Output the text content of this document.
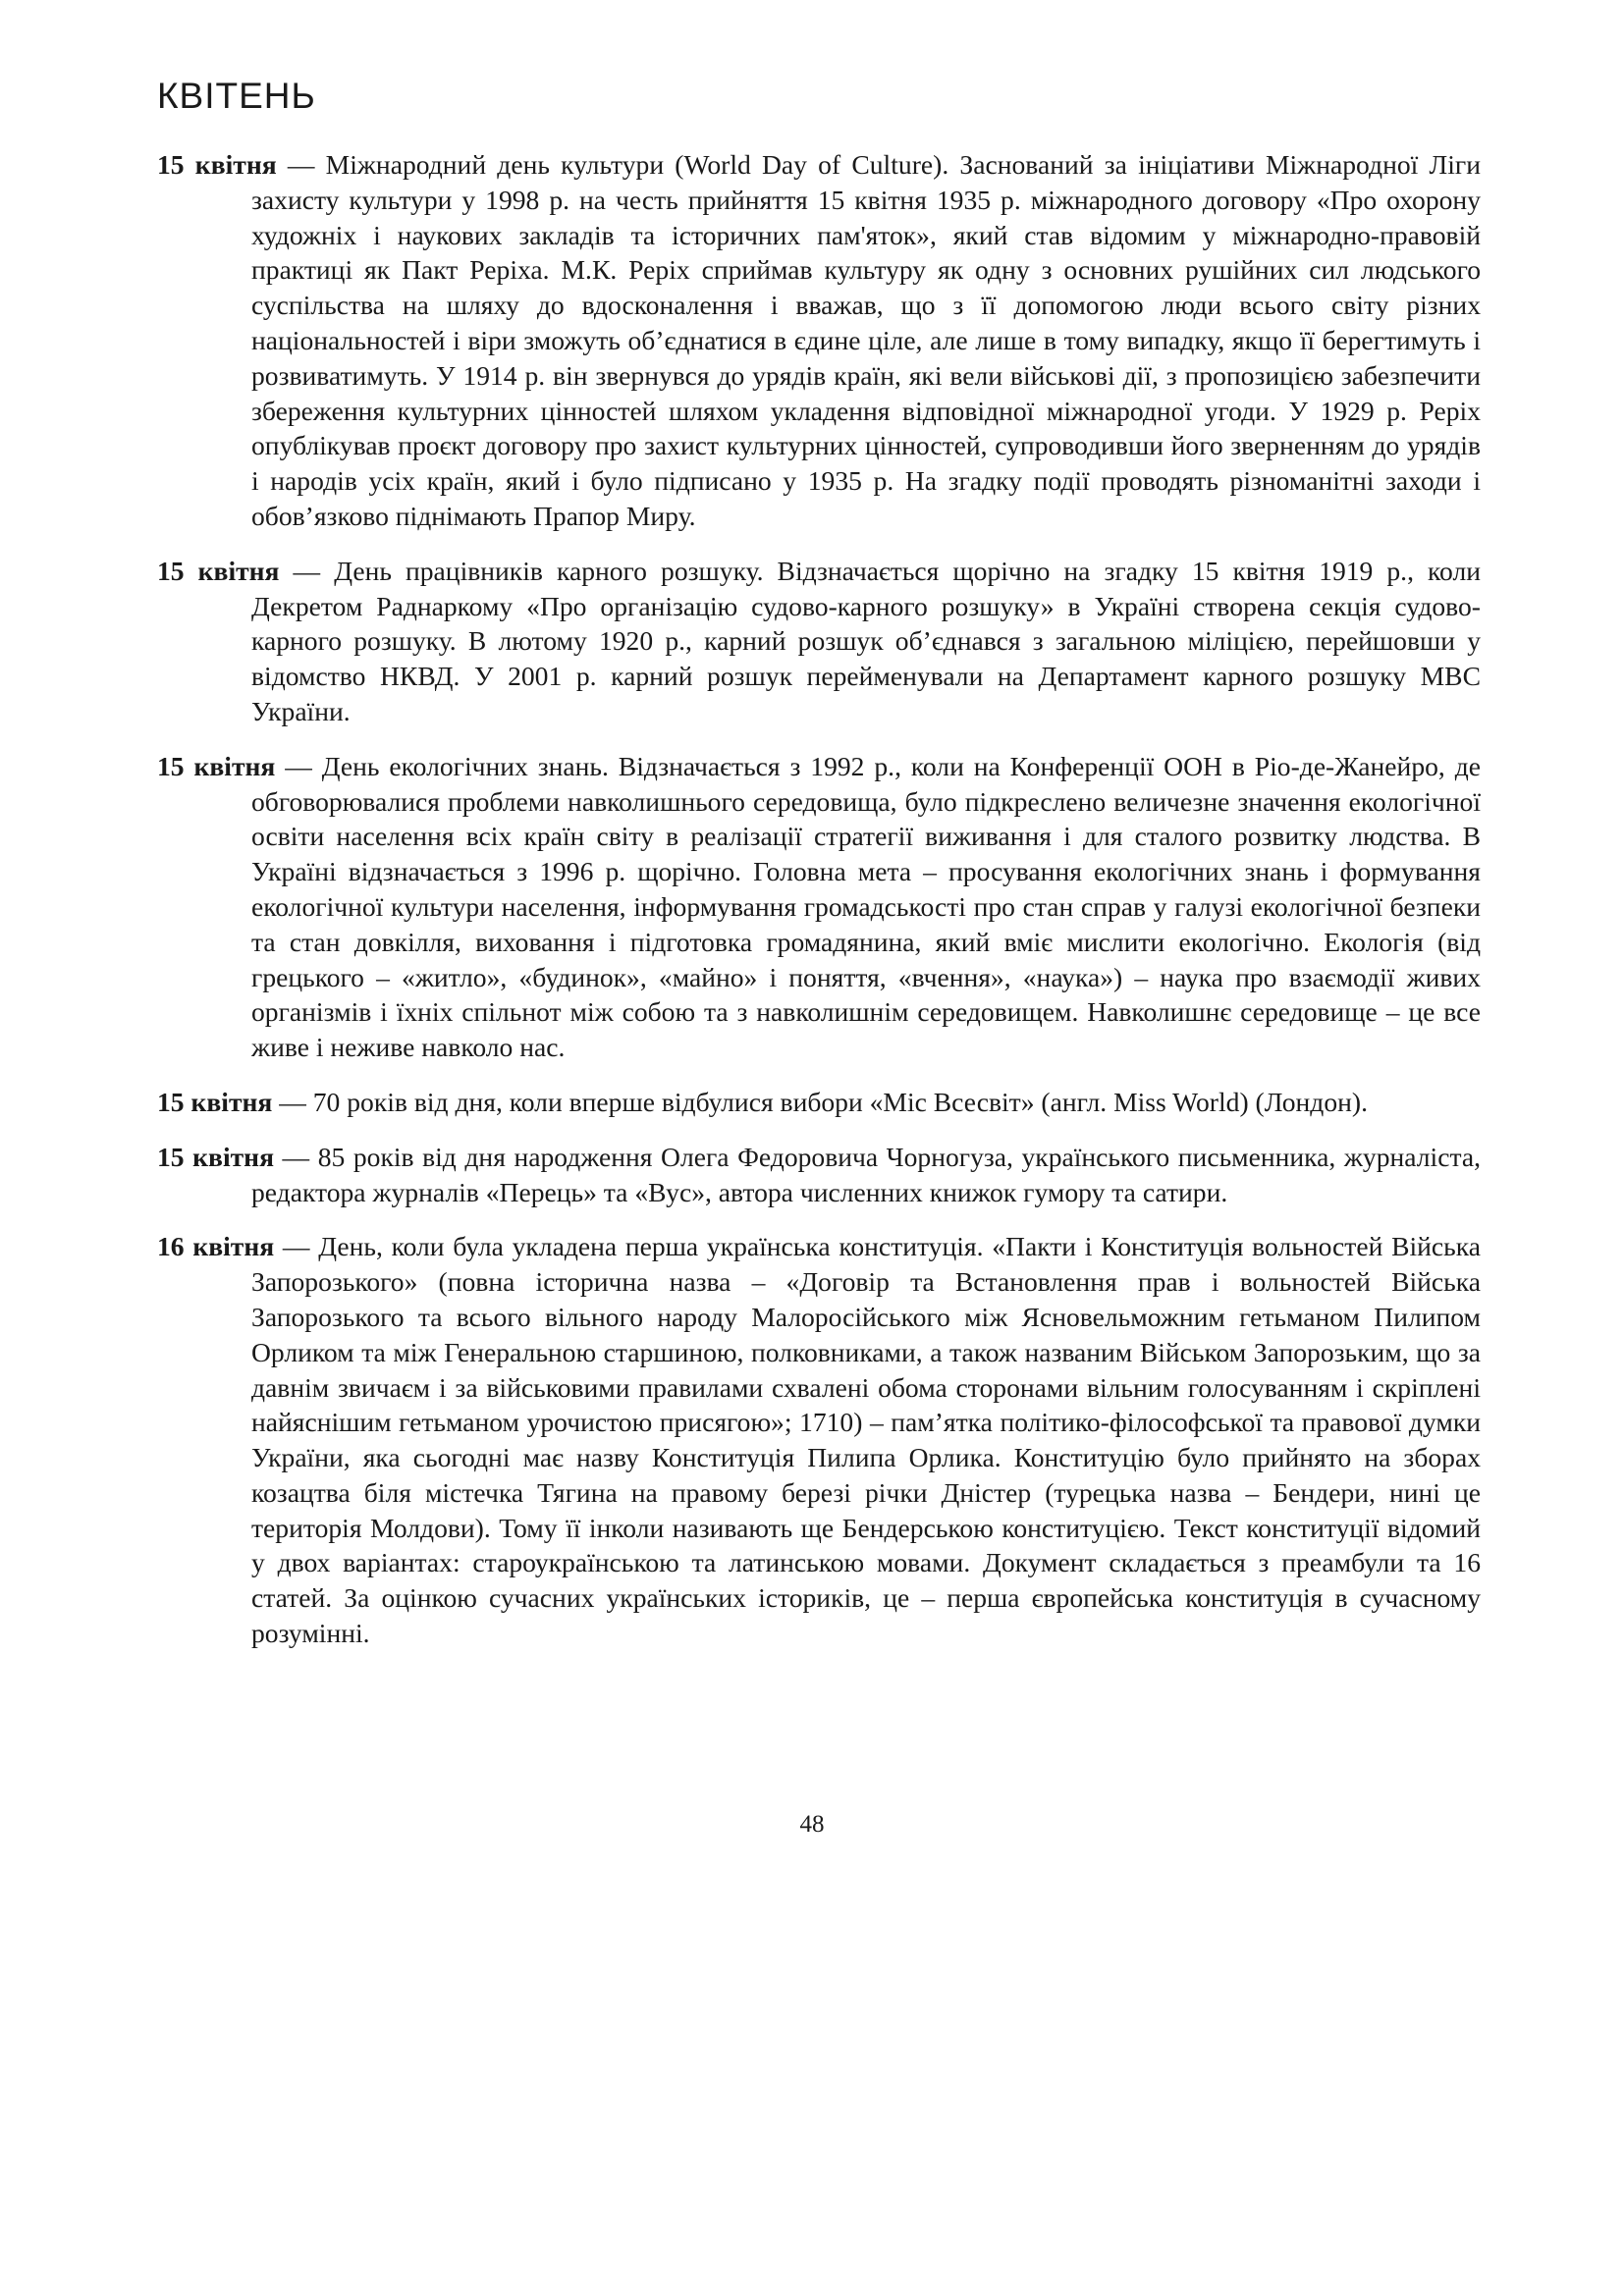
КВІТЕНЬ

15 квітня — Міжнародний день культури (World Day of Culture). Заснований за ініціативи Міжнародної Ліги захисту культури у 1998 р. на честь прийняття 15 квітня 1935 р. міжнародного договору «Про охорону художніх і наукових закладів та історичних пам'яток», який став відомим у міжнародно-правовій практиці як Пакт Реріха. М.К. Реріх сприймав культуру як одну з основних рушійних сил людського суспільства на шляху до вдосконалення і вважав, що з її допомогою люди всього світу різних національностей і віри зможуть об’єднатися в єдине ціле, але лише в тому випадку, якщо її берегтимуть і розвиватимуть. У 1914 р. він звернувся до урядів країн, які вели військові дії, з пропозицією забезпечити збереження культурних цінностей шляхом укладення відповідної міжнародної угоди. У 1929 р. Реріх опублікував проєкт договору про захист культурних цінностей, супроводивши його зверненням до урядів і народів усіх країн, який і було підписано у 1935 р. На згадку події проводять різноманітні заходи і обов’язково піднімають Прапор Миру.

15 квітня — День працівників карного розшуку. Відзначається щорічно на згадку 15 квітня 1919 р., коли Декретом Раднаркому «Про організацію судово-карного розшуку» в Україні створена секція судово-карного розшуку. В лютому 1920 р., карний розшук об’єднався з загальною міліцією, перейшовши у відомство НКВД. У 2001 р. карний розшук перейменували на Департамент карного розшуку МВС України.

15 квітня — День екологічних знань. Відзначається з 1992 р., коли на Конференції ООН в Ріо-де-Жанейро, де обговорювалися проблеми навколишнього середовища, було підкреслено величезне значення екологічної освіти населення всіх країн світу в реалізації стратегії виживання і для сталого розвитку людства. В Україні відзначається з 1996 р. щорічно. Головна мета – просування екологічних знань і формування екологічної культури населення, інформування громадськості про стан справ у галузі екологічної безпеки та стан довкілля, виховання і підготовка громадянина, який вміє мислити екологічно. Екологія (від грецького – «житло», «будинок», «майно» і поняття, «вчення», «наука») – наука про взаємодії живих організмів і їхніх спільнот між собою та з навколишнім середовищем. Навколишнє середовище – це все живе і неживе навколо нас.

15 квітня — 70 років від дня, коли вперше відбулися вибори «Міс Всесвіт» (англ. Miss World) (Лондон).

15 квітня — 85 років від дня народження Олега Федоровича Чорногуза, українського письменника, журналіста, редактора журналів «Перець» та «Вус», автора численних книжок гумору та сатири.

16 квітня — День, коли була укладена перша українська конституція. «Пакти і Конституція вольностей Війська Запорозького» (повна історична назва – «Договір та Встановлення прав і вольностей Війська Запорозького та всього вільного народу Малоросійського між Ясновельможним гетьманом Пилипом Орликом та між Генеральною старшиною, полковниками, а також названим Військом Запорозьким, що за давнім звичаєм і за військовими правилами схвалені обома сторонами вільним голосуванням і скріплені найяснішим гетьманом урочистою присягою»; 1710) – пам’ятка політико-філософської та правової думки України, яка сьогодні має назву Конституція Пилипа Орлика. Конституцію було прийнято на зборах козацтва біля містечка Тягина на правому березі річки Дністер (турецька назва – Бендери, нині це територія Молдови). Тому її інколи називають ще Бендерською конституцією. Текст конституції відомий у двох варіантах: староукраїнською та латинською мовами. Документ складається з преамбули та 16 статей. За оцінкою сучасних українських істориків, це – перша європейська конституція в сучасному розумінні.

48
